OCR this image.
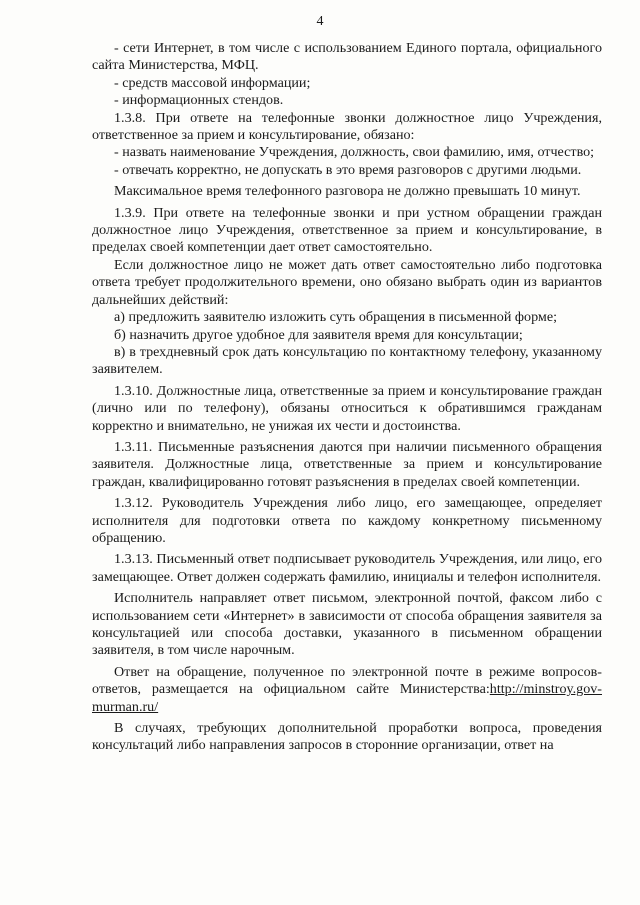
4

- сети Интернет, в том числе с использованием Единого портала, официального сайта Министерства, МФЦ.

- средств массовой информации;

- информационных стендов.

1.3.8. При ответе на телефонные звонки должностное лицо Учреждения, ответственное за прием и консультирование, обязано:

- назвать наименование Учреждения, должность, свои фамилию, имя, отчество;

- отвечать корректно, не допускать в это время разговоров с другими людьми.

Максимальное время телефонного разговора не должно превышать 10 минут.

1.3.9. При ответе на телефонные звонки и при устном обращении граждан должностное лицо Учреждения, ответственное за прием и консультирование, в пределах своей компетенции дает ответ самостоятельно.

Если должностное лицо не может дать ответ самостоятельно либо подготовка ответа требует продолжительного времени, оно обязано выбрать один из вариантов дальнейших действий:

а) предложить заявителю изложить суть обращения в письменной форме;

б) назначить другое удобное для заявителя время для консультации;

в) в трехдневный срок дать консультацию по контактному телефону, указанному заявителем.

1.3.10. Должностные лица, ответственные за прием и консультирование граждан (лично или по телефону), обязаны относиться к обратившимся гражданам корректно и внимательно, не унижая их чести и достоинства.

1.3.11. Письменные разъяснения даются при наличии письменного обращения заявителя. Должностные лица, ответственные за прием и консультирование граждан, квалифицированно готовят разъяснения в пределах своей компетенции.

1.3.12. Руководитель Учреждения либо лицо, его замещающее, определяет исполнителя для подготовки ответа по каждому конкретному письменному обращению.

1.3.13. Письменный ответ подписывает руководитель Учреждения, или лицо, его замещающее. Ответ должен содержать фамилию, инициалы и телефон исполнителя.

Исполнитель направляет ответ письмом, электронной почтой, факсом либо с использованием сети «Интернет» в зависимости от способа обращения заявителя за консультацией или способа доставки, указанного в письменном обращении заявителя, в том числе нарочным.

Ответ на обращение, полученное по электронной почте в режиме вопросов-ответов, размещается на официальном сайте Министерства:http://minstroy.gov-murman.ru/

В случаях, требующих дополнительной проработки вопроса, проведения консультаций либо направления запросов в сторонние организации, ответ на
